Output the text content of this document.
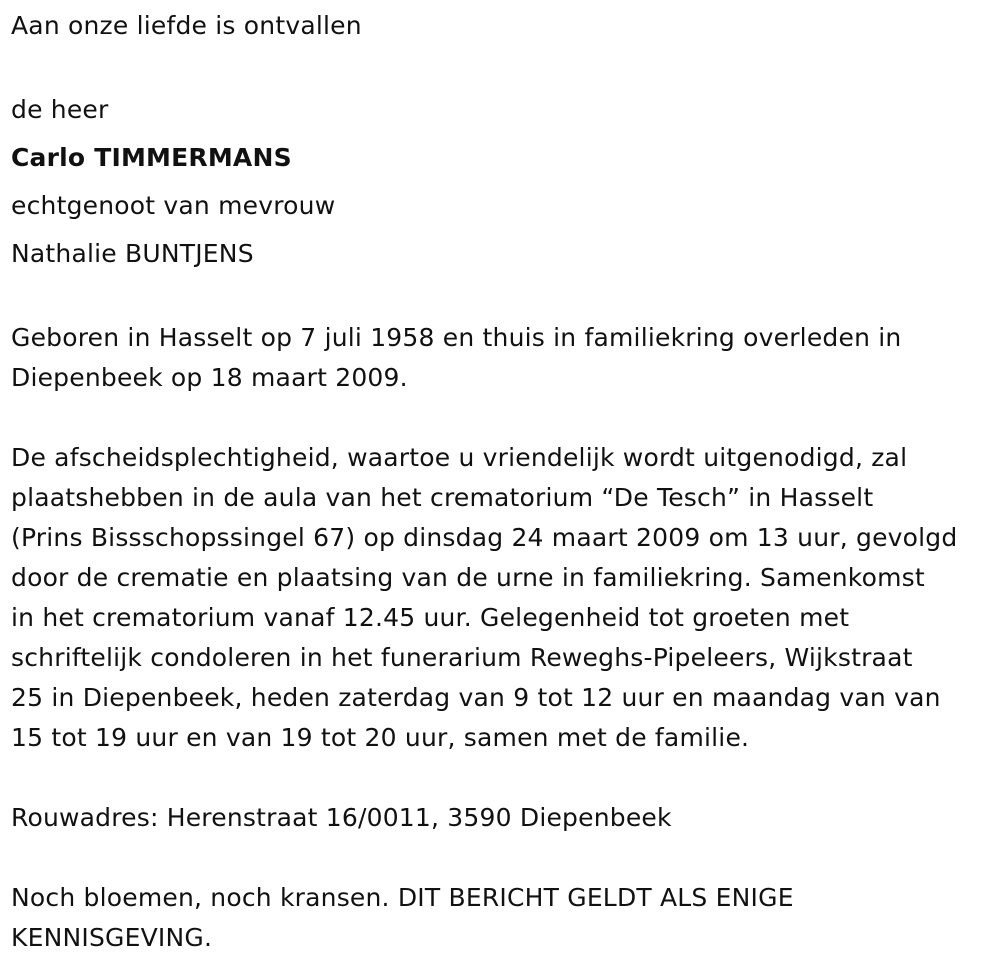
Aan onze liefde is ontvallen

de heer

Carlo TIMMERMANS

echtgenoot van mevrouw

Nathalie BUNTJENS

Geboren in Hasselt op 7 juli 1958 en thuis in familiekring overleden in

Diepenbeek op 18 maart 2009.

De afscheidsplechtigheid, waartoe u vriendelijk wordt uitgenodigd, zal

plaatshebben in de aula van het crematorium “De Tesch” in Hasselt

(Prins Bissschopssingel 67) op dinsdag 24 maart 2009 om 13 uur, gevolgd

door de crematie en plaatsing van de urne in familiekring. Samenkomst

in het crematorium vanaf 12.45 uur. Gelegenheid tot groeten met

schriftelijk condoleren in het funerarium Reweghs-Pipeleers, Wijkstraat

25 in Diepenbeek, heden zaterdag van 9 tot 12 uur en maandag van van

15 tot 19 uur en van 19 tot 20 uur, samen met de familie.

Rouwadres: Herenstraat 16/0011, 3590 Diepenbeek

Noch bloemen, noch kransen. DIT BERICHT GELDT ALS ENIGE

KENNISGEVING.
